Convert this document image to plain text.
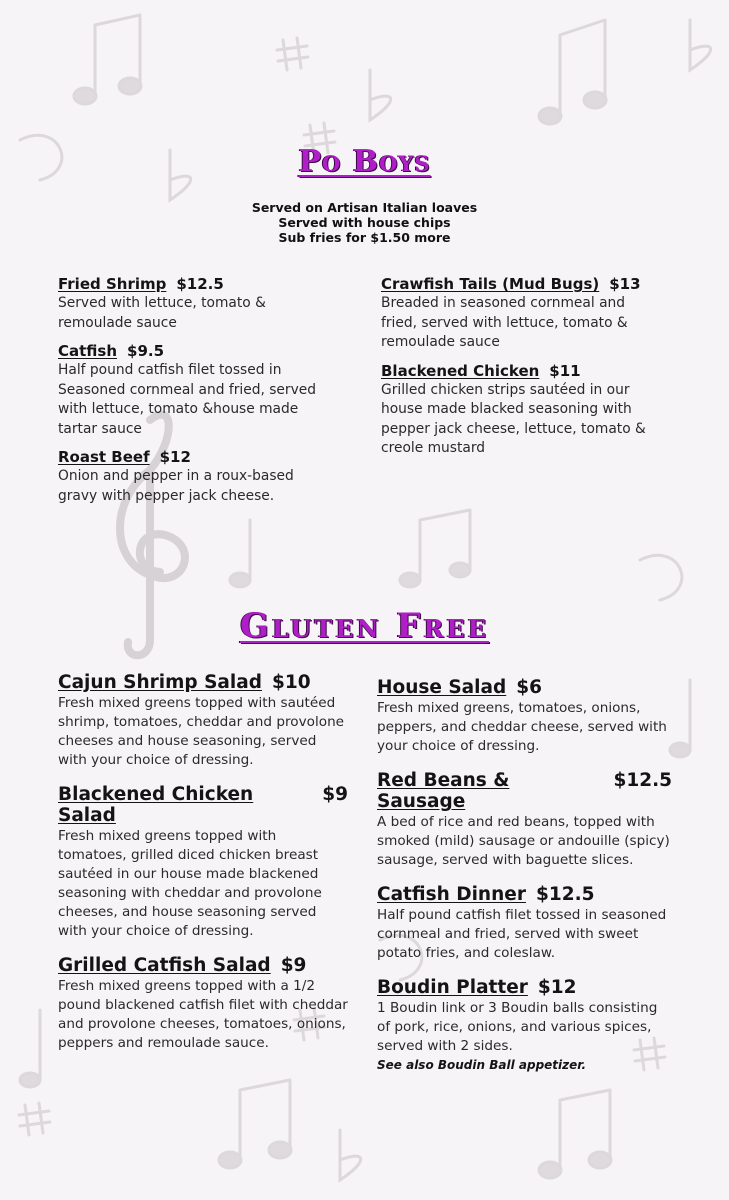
Po Boys
Served on Artisan Italian loaves
Served with house chips
Sub fries for $1.50 more
Fried Shrimp $12.5
Served with lettuce, tomato & remoulade sauce
Catfish $9.5
Half pound catfish filet tossed in Seasoned cornmeal and fried, served with lettuce, tomato &house made tartar sauce
Roast Beef $12
Onion and pepper in a roux-based gravy with pepper jack cheese.
Crawfish Tails (Mud Bugs) $13
Breaded in seasoned cornmeal and fried, served with lettuce, tomato & remoulade sauce
Blackened Chicken $11
Grilled chicken strips sautéed in our house made blacked seasoning with pepper jack cheese, lettuce, tomato & creole mustard
Gluten Free
Cajun Shrimp Salad $10
Fresh mixed greens topped with sautéed shrimp, tomatoes, cheddar and provolone cheeses and house seasoning, served with your choice of dressing.
Blackened Chicken Salad
$9
Fresh mixed greens topped with tomatoes, grilled diced chicken breast sautéed in our house made blackened seasoning with cheddar and provolone cheeses, and house seasoning served with your choice of dressing.
Grilled Catfish Salad $9
Fresh mixed greens topped with a 1/2 pound blackened catfish filet with cheddar and provolone cheeses, tomatoes, onions, peppers and remoulade sauce.
House Salad $6
Fresh mixed greens, tomatoes, onions, peppers, and cheddar cheese, served with your choice of dressing.
Red Beans & Sausage
$12.5
A bed of rice and red beans, topped with smoked (mild) sausage or andouille (spicy) sausage, served with baguette slices.
Catfish Dinner $12.5
Half pound catfish filet tossed in seasoned cornmeal and fried, served with sweet potato fries, and coleslaw.
Boudin Platter $12
1 Boudin link or 3 Boudin balls consisting of pork, rice, onions, and various spices, served with 2 sides.
See also Boudin Ball appetizer.
